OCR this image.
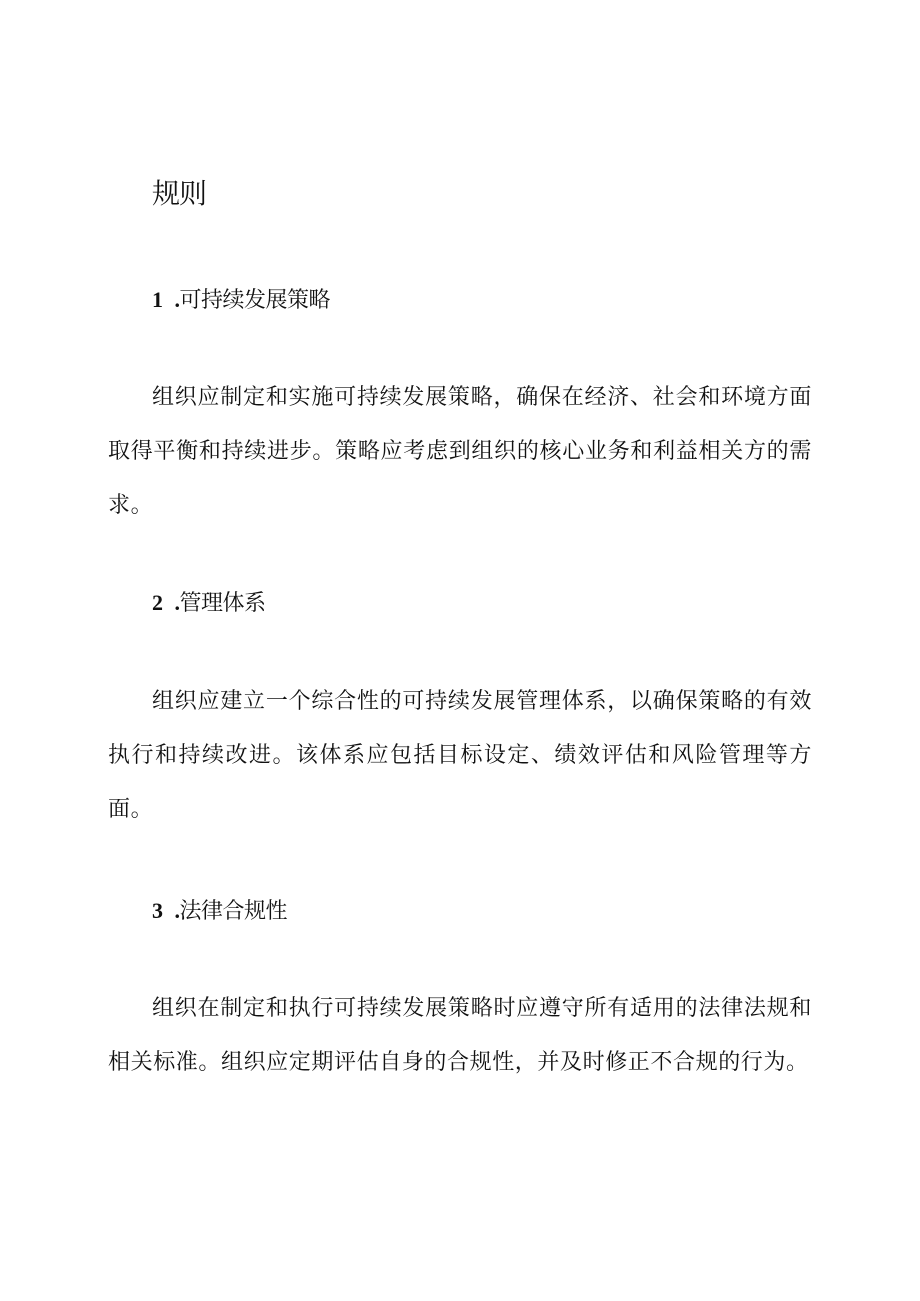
规则
1 .可持续发展策略

组织应制定和实施可持续发展策略，确保在经济、社会和环境方面取得平衡和持续进步。策略应考虑到组织的核心业务和利益相关方的需求。

2 .管理体系

组织应建立一个综合性的可持续发展管理体系，以确保策略的有效执行和持续改进。该体系应包括目标设定、绩效评估和风险管理等方面。

3 .法律合规性

组织在制定和执行可持续发展策略时应遵守所有适用的法律法规和相关标准。组织应定期评估自身的合规性，并及时修正不合规的行为。
